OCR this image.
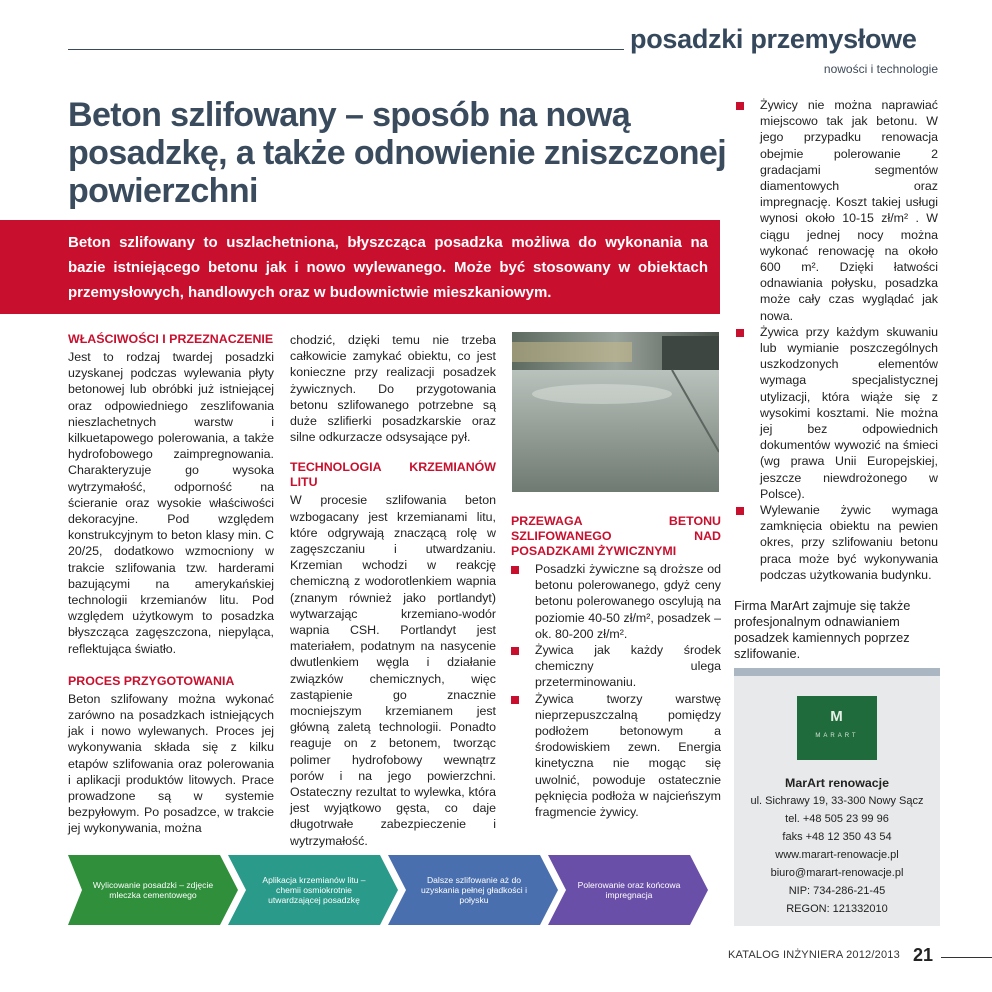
posadzki przemysłowe
nowości i technologie
Beton szlifowany – sposób na nową posadzkę, a także odnowienie zniszczonej powierzchni
Beton szlifowany to uszlachetniona, błyszcząca posadzka możliwa do wykonania na bazie istniejącego betonu jak i nowo wylewanego. Może być stosowany w obiektach przemysłowych, handlowych oraz w budownictwie mieszkaniowym.
WŁAŚCIWOŚCI I PRZEZNACZENIE

Jest to rodzaj twardej posadzki uzyskanej podczas wylewania płyty betonowej lub obróbki już istniejącej oraz odpowiedniego zeszlifowania nieszlachetnych warstw i kilkuetapowego polerowania, a także hydrofobowego zaimpregnowania. Charakteryzuje go wysoka wytrzymałość, odporność na ścieranie oraz wysokie właściwości dekoracyjne. Pod względem konstrukcyjnym to beton klasy min. C 20/25, dodatkowo wzmocniony w trakcie szlifowania tzw. harderami bazującymi na amerykańskiej technologii krzemianów litu. Pod względem użytkowym to posadzka błyszcząca zagęszczona, niepyląca, reflektująca światło.

PROCES PRZYGOTOWANIA

Beton szlifowany można wykonać zarówno na posadzkach istniejących jak i nowo wylewanych. Proces jej wykonywania składa się z kilku etapów szlifowania oraz polerowania i aplikacji produktów litowych. Prace prowadzone są w systemie bezpyłowym. Po posadzce, w trakcie jej wykonywania, można

chodzić, dzięki temu nie trzeba całkowicie zamykać obiektu, co jest konieczne przy realizacji posadzek żywicznych. Do przygotowania betonu szlifowanego potrzebne są duże szlifierki posadzkarskie oraz silne odkurzacze odsysające pył.

TECHNOLOGIA KRZEMIANÓW LITU

W procesie szlifowania beton wzbogacany jest krzemianami litu, które odgrywają znaczącą rolę w zagęszczaniu i utwardzaniu. Krzemian wchodzi w reakcję chemiczną z wodorotlenkiem wapnia (znanym również jako portlandyt) wytwarzając krzemiano-wodór wapnia CSH. Portlandyt jest materiałem, podatnym na nasycenie dwutlenkiem węgla i działanie związków chemicznych, więc zastąpienie go znacznie mocniejszym krzemianem jest główną zaletą technologii. Ponadto reaguje on z betonem, tworząc polimer hydrofobowy wewnątrz porów i na jego powierzchni. Ostateczny rezultat to wylewka, która jest wyjątkowo gęsta, co daje długotrwałe zabezpieczenie i wytrzymałość.

PRZEWAGA BETONU SZLIFOWANEGO NAD POSADZKAMI ŻYWICZNYMI
Posadzki żywiczne są droższe od betonu polerowanego, gdyż ceny betonu polerowanego oscylują na poziomie 40-50 zł/m², posadzek – ok. 80-200 zł/m².
Żywica jak każdy środek chemiczny ulega przeterminowaniu.
Żywica tworzy warstwę nieprzepuszczalną pomiędzy podłożem betonowym a środowiskiem zewn. Energia kinetyczna nie mogąc się uwolnić, powoduje ostatecznie pęknięcia podłoża w najcieńszym fragmencie żywicy.
Żywicy nie można naprawiać miejscowo tak jak betonu. W jego przypadku renowacja obejmie polerowanie 2 gradacjami segmentów diamentowych oraz impregnację. Koszt takiej usługi wynosi około 10-15 zł/m² . W ciągu jednej nocy można wykonać renowację na około 600 m². Dzięki łatwości odnawiania połysku, posadzka może cały czas wyglądać jak nowa.
Żywica przy każdym skuwaniu lub wymianie poszczególnych uszkodzonych elementów wymaga specjalistycznej utylizacji, która wiąże się z wysokimi kosztami. Nie można jej bez odpowiednich dokumentów wywozić na śmieci (wg prawa Unii Europejskiej, jeszcze niewdrożonego w Polsce).
Wylewanie żywic wymaga zamknięcia obiektu na pewien okres, przy szlifowaniu betonu praca może być wykonywania podczas użytkowania budynku.
Firma MarArt zajmuje się także profesjonalnym odnawianiem posadzek kamiennych poprzez szlifowanie.
M
MARART
MarArt renowacje
ul. Sichrawy 19, 33-300 Nowy Sącz
tel. +48 505 23 99 96
faks +48 12 350 43 54
www.marart-renowacje.pl
biuro@marart-renowacje.pl
NIP: 734-286-21-45
REGON: 121332010
Wylicowanie posadzki – zdjęcie mleczka cementowego
Aplikacja krzemianów litu – chemii osmiokrotnie utwardzającej posadzkę
Dalsze szlifowanie aż do uzyskania pełnej gładkości i połysku
Polerowanie oraz końcowa impregnacja
KATALOG INŻYNIERA 2012/2013 21
